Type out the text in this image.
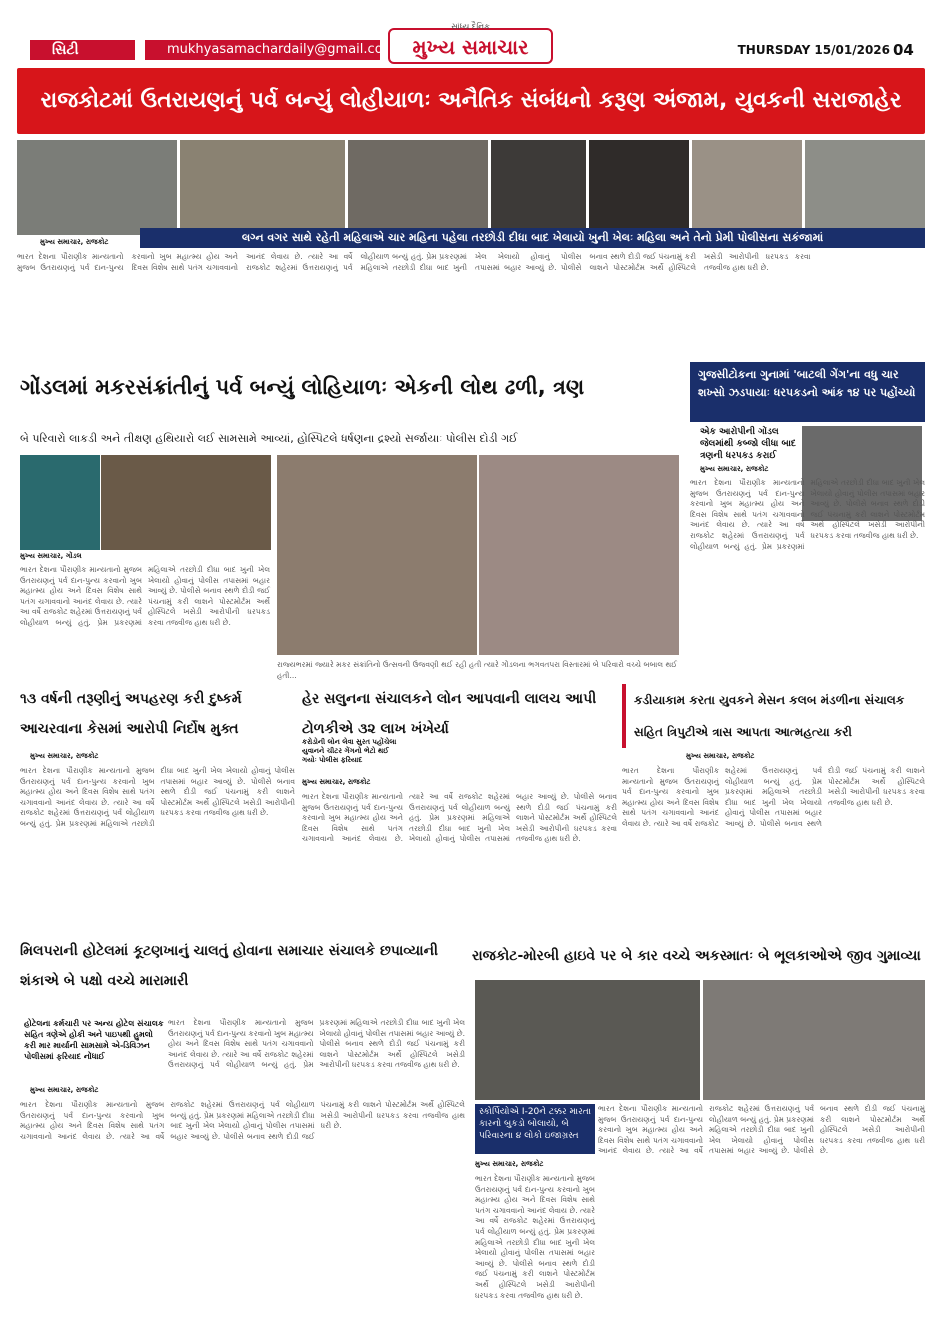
સિટી	mukhyasamachardaily@gmail.com
સાંધ્ય દૈનિક
મુખ્ય સમાચાર	THURSDAY 15/01/2026 04
રાજકોટમાં ઉતરાયણનું પર્વ બન્યું લોહીયાળઃ અનૈતિક સંબંધનો કરૂણ અંજામ, યુવકની સરાજાહેર
લગ્ન વગર સાથે રહેતી મહિલાએ ચાર મહિના પહેલા તરછોડી દીધા બાદ ખેલાયો ખુની ખેલઃ મહિલા અને તેનો પ્રેમી પોલીસના સકંજામાં
મુખ્ય સમાચાર, રાજકોટ
ભારત દેશના પૌરાણીક માન્યતાનો મુજબ ઉતરાયણનું પર્વ દાન-પુન્ય કરવાનો ખુબ મહાત્મ્ય હોય અને દિવસ વિશેષ સાથે પતંગ ચગાવવાનો આનંદ લેવાય છે. ત્યારે આ વર્ષે રાજકોટ શહેરમાં ઉત્તરાયણનું પર્વ લોહીયાળ બન્યું હતું. પ્રેમ પ્રકરણમાં મહિલાએ તરછોડી દીધા બાદ ખુની ખેલ ખેલાયો હોવાનું પોલીસ તપાસમાં બહાર આવ્યું છે. પોલીસે બનાવ સ્થળે દોડી જઈ પંચનામું કરી લાશને પોસ્ટમોર્ટમ અર્થે હોસ્પિટલે ખસેડી આરોપીની ધરપકડ કરવા તજવીજ હાથ ધરી છે.
ગોંડલમાં મકરસંક્રાંતીનું પર્વ બન્યું લોહિયાળઃ એકની લોથ ઢળી, ત્રણ
બે પરિવારો લાકડી અને તીક્ષણ હથિયારો લઈ સામસામે આવ્યાં, હોસ્પિટલે ધર્ષણના દ્રશ્યો સર્જાયાઃ પોલીસ દોડી ગઈ
મુખ્ય સમાચાર, ગોંડલ
ભારત દેશના પૌરાણીક માન્યતાનો મુજબ ઉતરાયણનું પર્વ દાન-પુન્ય કરવાનો ખુબ મહાત્મ્ય હોય અને દિવસ વિશેષ સાથે પતંગ ચગાવવાનો આનંદ લેવાય છે. ત્યારે આ વર્ષે રાજકોટ શહેરમાં ઉત્તરાયણનું પર્વ લોહીયાળ બન્યું હતું. પ્રેમ પ્રકરણમાં મહિલાએ તરછોડી દીધા બાદ ખુની ખેલ ખેલાયો હોવાનું પોલીસ તપાસમાં બહાર આવ્યું છે. પોલીસે બનાવ સ્થળે દોડી જઈ પંચનામું કરી લાશને પોસ્ટમોર્ટમ અર્થે હોસ્પિટલે ખસેડી આરોપીની ધરપકડ કરવા તજવીજ હાથ ધરી છે.
રાજ્યભરમાં જ્યારે મકર સંક્રાંતિનો ઉત્સવની ઉજવણી થઈ રહી હતી ત્યારે ગોંડલના ભગવતપરા વિસ્તારમાં બે પરિવારો વચ્ચે બબાલ થઈ હતી...
ગુજસીટોકના ગુનામાં 'બાટલી ગેંગ'ના વધુ ચાર શખ્સો ઝડપાયાઃ ધરપકડનો આંક ૧૪ પર પહોંચ્યો
એક આરોપીની ગોંડલ જેલમાંથી કબ્જો લીધા બાદ ત્રણની ધરપકડ કરાઈ
મુખ્ય સમાચાર, રાજકોટ
ભારત દેશના પૌરાણીક માન્યતાનો મુજબ ઉતરાયણનું પર્વ દાન-પુન્ય કરવાનો ખુબ મહાત્મ્ય હોય અને દિવસ વિશેષ સાથે પતંગ ચગાવવાનો આનંદ લેવાય છે. ત્યારે આ વર્ષે રાજકોટ શહેરમાં ઉત્તરાયણનું પર્વ લોહીયાળ બન્યું હતું. પ્રેમ પ્રકરણમાં મહિલાએ તરછોડી દીધા બાદ ખુની ખેલ ખેલાયો હોવાનું પોલીસ તપાસમાં બહાર આવ્યું છે. પોલીસે બનાવ સ્થળે દોડી જઈ પંચનામું કરી લાશને પોસ્ટમોર્ટમ અર્થે હોસ્પિટલે ખસેડી આરોપીની ધરપકડ કરવા તજવીજ હાથ ધરી છે.
૧૩ વર્ષની તરૂણીનું અપહરણ કરી દુષ્કર્મ આચરવાના કેસમાં આરોપી નિર્દોષ મુક્ત
મુખ્ય સમાચાર, રાજકોટ
ભારત દેશના પૌરાણીક માન્યતાનો મુજબ ઉતરાયણનું પર્વ દાન-પુન્ય કરવાનો ખુબ મહાત્મ્ય હોય અને દિવસ વિશેષ સાથે પતંગ ચગાવવાનો આનંદ લેવાય છે. ત્યારે આ વર્ષે રાજકોટ શહેરમાં ઉત્તરાયણનું પર્વ લોહીયાળ બન્યું હતું. પ્રેમ પ્રકરણમાં મહિલાએ તરછોડી દીધા બાદ ખુની ખેલ ખેલાયો હોવાનું પોલીસ તપાસમાં બહાર આવ્યું છે. પોલીસે બનાવ સ્થળે દોડી જઈ પંચનામું કરી લાશને પોસ્ટમોર્ટમ અર્થે હોસ્પિટલે ખસેડી આરોપીની ધરપકડ કરવા તજવીજ હાથ ધરી છે.
હેર સલુનના સંચાલકને લોન આપવાની લાલચ આપી ટોળકીએ ૩૨ લાખ ખંખેર્યા
કરોડોની લોન લેવા સુરત પહોંચેલા યુવાનને ચીટર ગેંગનો ભેટો થઈ ગયોઃ પોલીસ ફરિયાદ
મુખ્ય સમાચાર, રાજકોટ
ભારત દેશના પૌરાણીક માન્યતાનો મુજબ ઉતરાયણનું પર્વ દાન-પુન્ય કરવાનો ખુબ મહાત્મ્ય હોય અને દિવસ વિશેષ સાથે પતંગ ચગાવવાનો આનંદ લેવાય છે. ત્યારે આ વર્ષે રાજકોટ શહેરમાં ઉત્તરાયણનું પર્વ લોહીયાળ બન્યું હતું. પ્રેમ પ્રકરણમાં મહિલાએ તરછોડી દીધા બાદ ખુની ખેલ ખેલાયો હોવાનું પોલીસ તપાસમાં બહાર આવ્યું છે. પોલીસે બનાવ સ્થળે દોડી જઈ પંચનામું કરી લાશને પોસ્ટમોર્ટમ અર્થે હોસ્પિટલે ખસેડી આરોપીની ધરપકડ કરવા તજવીજ હાથ ધરી છે.
કડીયાકામ કરતા યુવકને મેસન કલબ મંડળીના સંચાલક સહિત ત્રિપુટીએ ત્રાસ આપતા આત્મહત્યા કરી
મુખ્ય સમાચાર, રાજકોટ
ભારત દેશના પૌરાણીક માન્યતાનો મુજબ ઉતરાયણનું પર્વ દાન-પુન્ય કરવાનો ખુબ મહાત્મ્ય હોય અને દિવસ વિશેષ સાથે પતંગ ચગાવવાનો આનંદ લેવાય છે. ત્યારે આ વર્ષે રાજકોટ શહેરમાં ઉત્તરાયણનું પર્વ લોહીયાળ બન્યું હતું. પ્રેમ પ્રકરણમાં મહિલાએ તરછોડી દીધા બાદ ખુની ખેલ ખેલાયો હોવાનું પોલીસ તપાસમાં બહાર આવ્યું છે. પોલીસે બનાવ સ્થળે દોડી જઈ પંચનામું કરી લાશને પોસ્ટમોર્ટમ અર્થે હોસ્પિટલે ખસેડી આરોપીની ધરપકડ કરવા તજવીજ હાથ ધરી છે.
મિલપરાની હોટેલમાં કૂટણખાનું ચાલતું હોવાના સમાચાર સંચાલકે છપાવ્યાની શંકાએ બે પક્ષો વચ્ચે મારામારી
હોટેલના કર્મચારી પર અન્ય હોટેલ સંચાલક સહિત ત્રણેએ હોકી અને પાઇપથી હુમલો કરી માર માર્યાની સામસામે એ-ડિવિઝન પોલીસમાં ફરિયાદ નોંધાઈ
મુખ્ય સમાચાર, રાજકોટ
ભારત દેશના પૌરાણીક માન્યતાનો મુજબ ઉતરાયણનું પર્વ દાન-પુન્ય કરવાનો ખુબ મહાત્મ્ય હોય અને દિવસ વિશેષ સાથે પતંગ ચગાવવાનો આનંદ લેવાય છે. ત્યારે આ વર્ષે રાજકોટ શહેરમાં ઉત્તરાયણનું પર્વ લોહીયાળ બન્યું હતું. પ્રેમ પ્રકરણમાં મહિલાએ તરછોડી દીધા બાદ ખુની ખેલ ખેલાયો હોવાનું પોલીસ તપાસમાં બહાર આવ્યું છે. પોલીસે બનાવ સ્થળે દોડી જઈ પંચનામું કરી લાશને પોસ્ટમોર્ટમ અર્થે હોસ્પિટલે ખસેડી આરોપીની ધરપકડ કરવા તજવીજ હાથ ધરી છે.
ભારત દેશના પૌરાણીક માન્યતાનો મુજબ ઉતરાયણનું પર્વ દાન-પુન્ય કરવાનો ખુબ મહાત્મ્ય હોય અને દિવસ વિશેષ સાથે પતંગ ચગાવવાનો આનંદ લેવાય છે. ત્યારે આ વર્ષે રાજકોટ શહેરમાં ઉત્તરાયણનું પર્વ લોહીયાળ બન્યું હતું. પ્રેમ પ્રકરણમાં મહિલાએ તરછોડી દીધા બાદ ખુની ખેલ ખેલાયો હોવાનું પોલીસ તપાસમાં બહાર આવ્યું છે. પોલીસે બનાવ સ્થળે દોડી જઈ પંચનામું કરી લાશને પોસ્ટમોર્ટમ અર્થે હોસ્પિટલે ખસેડી આરોપીની ધરપકડ કરવા તજવીજ હાથ ધરી છે.
રાજકોટ-મોરબી હાઇવે પર બે કાર વચ્ચે અકસ્માતઃ બે ભૂલકાઓએ જીવ ગુમાવ્યા
સ્કોર્પિયોએ I-20ને ટક્કર મારતા કારનો બુકડો બોલાયો, બે પરિવારના ૪ લોકો ઇજાગ્રસ્ત
મુખ્ય સમાચાર, રાજકોટ
ભારત દેશના પૌરાણીક માન્યતાનો મુજબ ઉતરાયણનું પર્વ દાન-પુન્ય કરવાનો ખુબ મહાત્મ્ય હોય અને દિવસ વિશેષ સાથે પતંગ ચગાવવાનો આનંદ લેવાય છે. ત્યારે આ વર્ષે રાજકોટ શહેરમાં ઉત્તરાયણનું પર્વ લોહીયાળ બન્યું હતું. પ્રેમ પ્રકરણમાં મહિલાએ તરછોડી દીધા બાદ ખુની ખેલ ખેલાયો હોવાનું પોલીસ તપાસમાં બહાર આવ્યું છે. પોલીસે બનાવ સ્થળે દોડી જઈ પંચનામું કરી લાશને પોસ્ટમોર્ટમ અર્થે હોસ્પિટલે ખસેડી આરોપીની ધરપકડ કરવા તજવીજ હાથ ધરી છે.
ભારત દેશના પૌરાણીક માન્યતાનો મુજબ ઉતરાયણનું પર્વ દાન-પુન્ય કરવાનો ખુબ મહાત્મ્ય હોય અને દિવસ વિશેષ સાથે પતંગ ચગાવવાનો આનંદ લેવાય છે. ત્યારે આ વર્ષે રાજકોટ શહેરમાં ઉત્તરાયણનું પર્વ લોહીયાળ બન્યું હતું. પ્રેમ પ્રકરણમાં મહિલાએ તરછોડી દીધા બાદ ખુની ખેલ ખેલાયો હોવાનું પોલીસ તપાસમાં બહાર આવ્યું છે. પોલીસે બનાવ સ્થળે દોડી જઈ પંચનામું કરી લાશને પોસ્ટમોર્ટમ અર્થે હોસ્પિટલે ખસેડી આરોપીની ધરપકડ કરવા તજવીજ હાથ ધરી છે.
